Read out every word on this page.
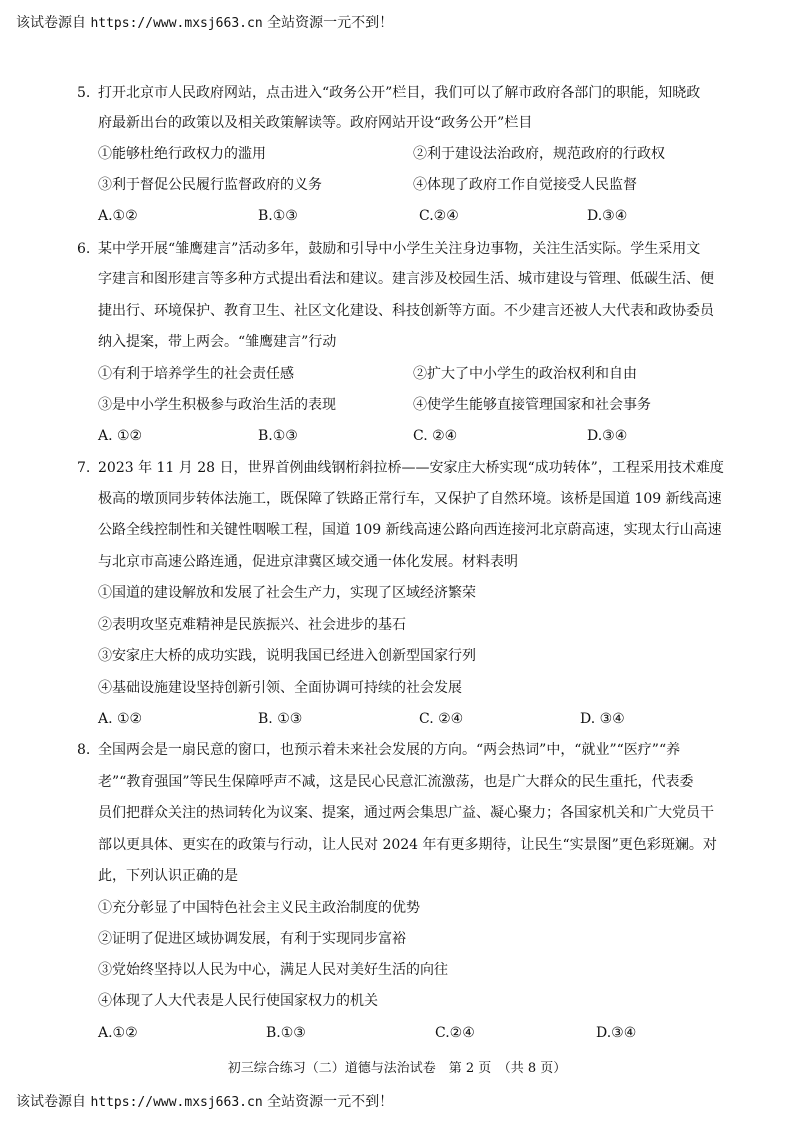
该试卷源自 https://www.mxsj663.cn 全站资源一元不到！
5. 打开北京市人民政府网站，点击进入“政务公开”栏目，我们可以了解市政府各部门的职能，知晓政
府最新出台的政策以及相关政策解读等。政府网站开设“政务公开”栏目
①能够杜绝行政权力的滥用	②利于建设法治政府，规范政府的行政权
③利于督促公民履行监督政府的义务	④体现了政府工作自觉接受人民监督
A.①②	B.①③	C.②④	D.③④
6. 某中学开展“雏鹰建言”活动多年，鼓励和引导中小学生关注身边事物，关注生活实际。学生采用文
字建言和图形建言等多种方式提出看法和建议。建言涉及校园生活、城市建设与管理、低碳生活、便
捷出行、环境保护、教育卫生、社区文化建设、科技创新等方面。不少建言还被人大代表和政协委员
纳入提案，带上两会。“雏鹰建言”行动
①有利于培养学生的社会责任感	②扩大了中小学生的政治权利和自由
③是中小学生积极参与政治生活的表现	④使学生能够直接管理国家和社会事务
A. ①②	B.①③	C. ②④	D.③④
7. 2023 年 11 月 28 日，世界首例曲线钢桁斜拉桥——安家庄大桥实现“成功转体”，工程采用技术难度
极高的墩顶同步转体法施工，既保障了铁路正常行车，又保护了自然环境。该桥是国道 109 新线高速
公路全线控制性和关键性咽喉工程，国道 109 新线高速公路向西连接河北京蔚高速，实现太行山高速
与北京市高速公路连通，促进京津冀区域交通一体化发展。材料表明
①国道的建设解放和发展了社会生产力，实现了区域经济繁荣
②表明攻坚克难精神是民族振兴、社会进步的基石
③安家庄大桥的成功实践，说明我国已经进入创新型国家行列
④基础设施建设坚持创新引领、全面协调可持续的社会发展
A. ①②	B. ①③	C. ②④	D. ③④
8. 全国两会是一扇民意的窗口，也预示着未来社会发展的方向。“两会热词”中，“就业”“医疗”“养
老”“教育强国”等民生保障呼声不减，这是民心民意汇流激荡，也是广大群众的民生重托，代表委
员们把群众关注的热词转化为议案、提案，通过两会集思广益、凝心聚力；各国家机关和广大党员干
部以更具体、更实在的政策与行动，让人民对 2024 年有更多期待，让民生“实景图”更色彩斑斓。对
此，下列认识正确的是
①充分彰显了中国特色社会主义民主政治制度的优势
②证明了促进区域协调发展，有利于实现同步富裕
③党始终坚持以人民为中心，满足人民对美好生活的向往
④体现了人大代表是人民行使国家权力的机关
A.①②	B.①③	C.②④	D.③④
初三综合练习（二）道德与法治试卷　第 2 页　（共 8 页）
该试卷源自 https://www.mxsj663.cn 全站资源一元不到！
